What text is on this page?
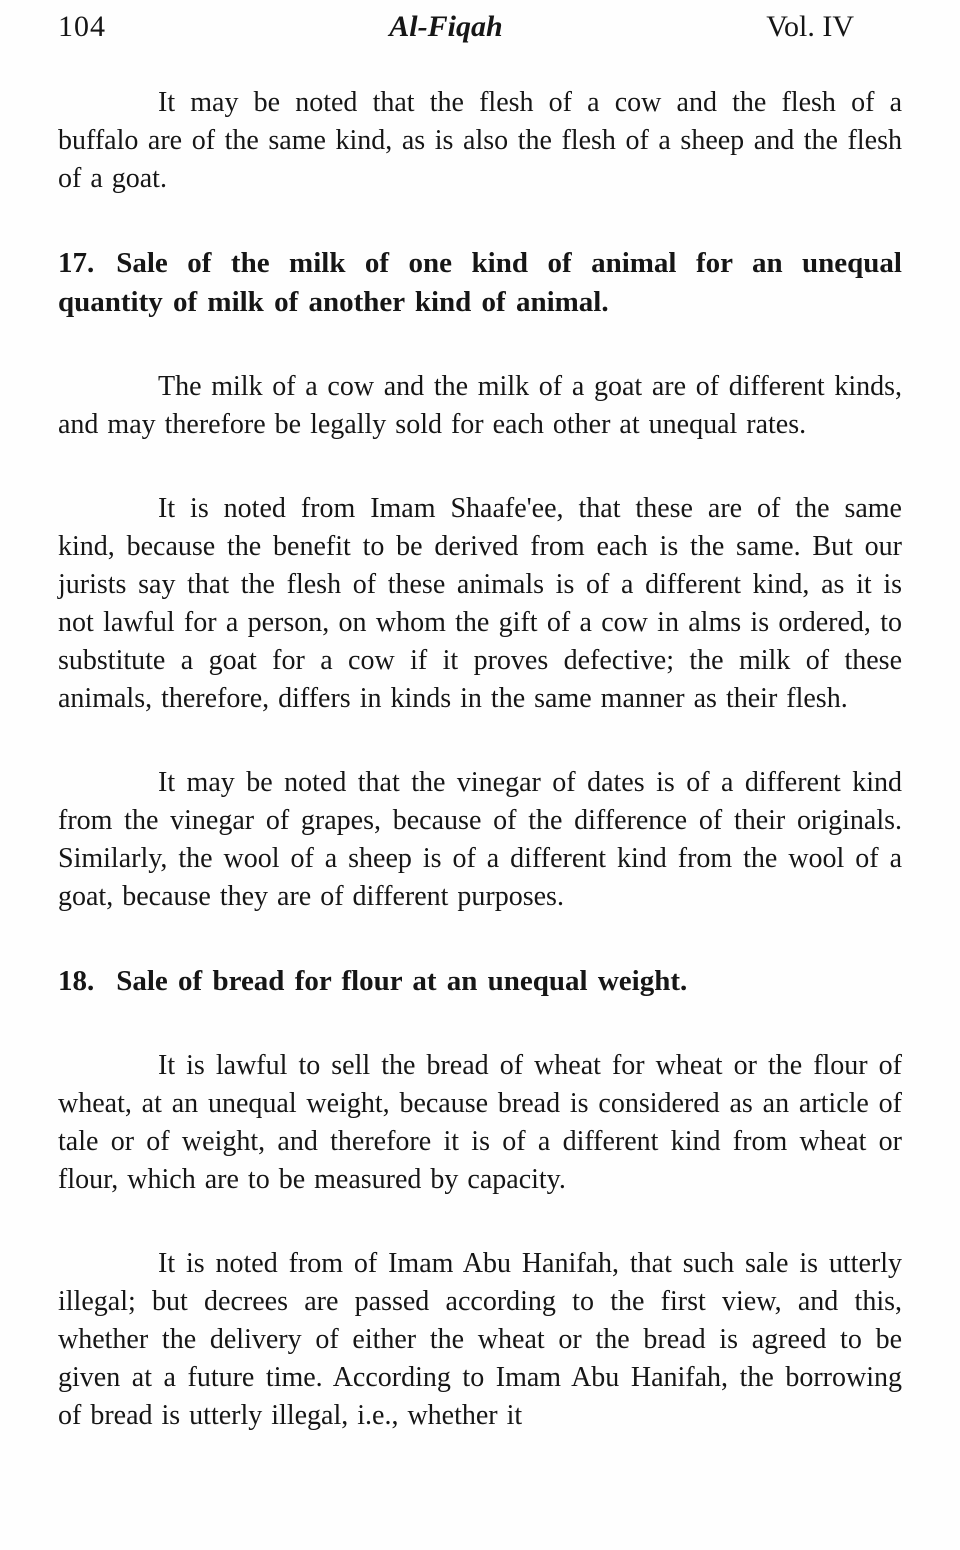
104	Al-Fiqah	Vol. IV

It may be noted that the flesh of a cow and the flesh of a buffalo are of the same kind, as is also the flesh of a sheep and the flesh of a goat.

17. Sale of the milk of one kind of animal for an unequal quantity of milk of another kind of animal.

The milk of a cow and the milk of a goat are of different kinds, and may therefore be legally sold for each other at unequal rates.

It is noted from Imam Shaafe'ee, that these are of the same kind, because the benefit to be derived from each is the same. But our jurists say that the flesh of these animals is of a different kind, as it is not lawful for a person, on whom the gift of a cow in alms is ordered, to substitute a goat for a cow if it proves defective; the milk of these animals, therefore, differs in kinds in the same manner as their flesh.

It may be noted that the vinegar of dates is of a different kind from the vinegar of grapes, because of the difference of their originals. Similarly, the wool of a sheep is of a different kind from the wool of a goat, because they are of different purposes.

18. Sale of bread for flour at an unequal weight.

It is lawful to sell the bread of wheat for wheat or the flour of wheat, at an unequal weight, because bread is considered as an article of tale or of weight, and therefore it is of a different kind from wheat or flour, which are to be measured by capacity.

It is noted from of Imam Abu Hanifah, that such sale is utterly illegal; but decrees are passed according to the first view, and this, whether the delivery of either the wheat or the bread is agreed to be given at a future time. According to Imam Abu Hanifah, the borrowing of bread is utterly illegal, i.e., whether it
